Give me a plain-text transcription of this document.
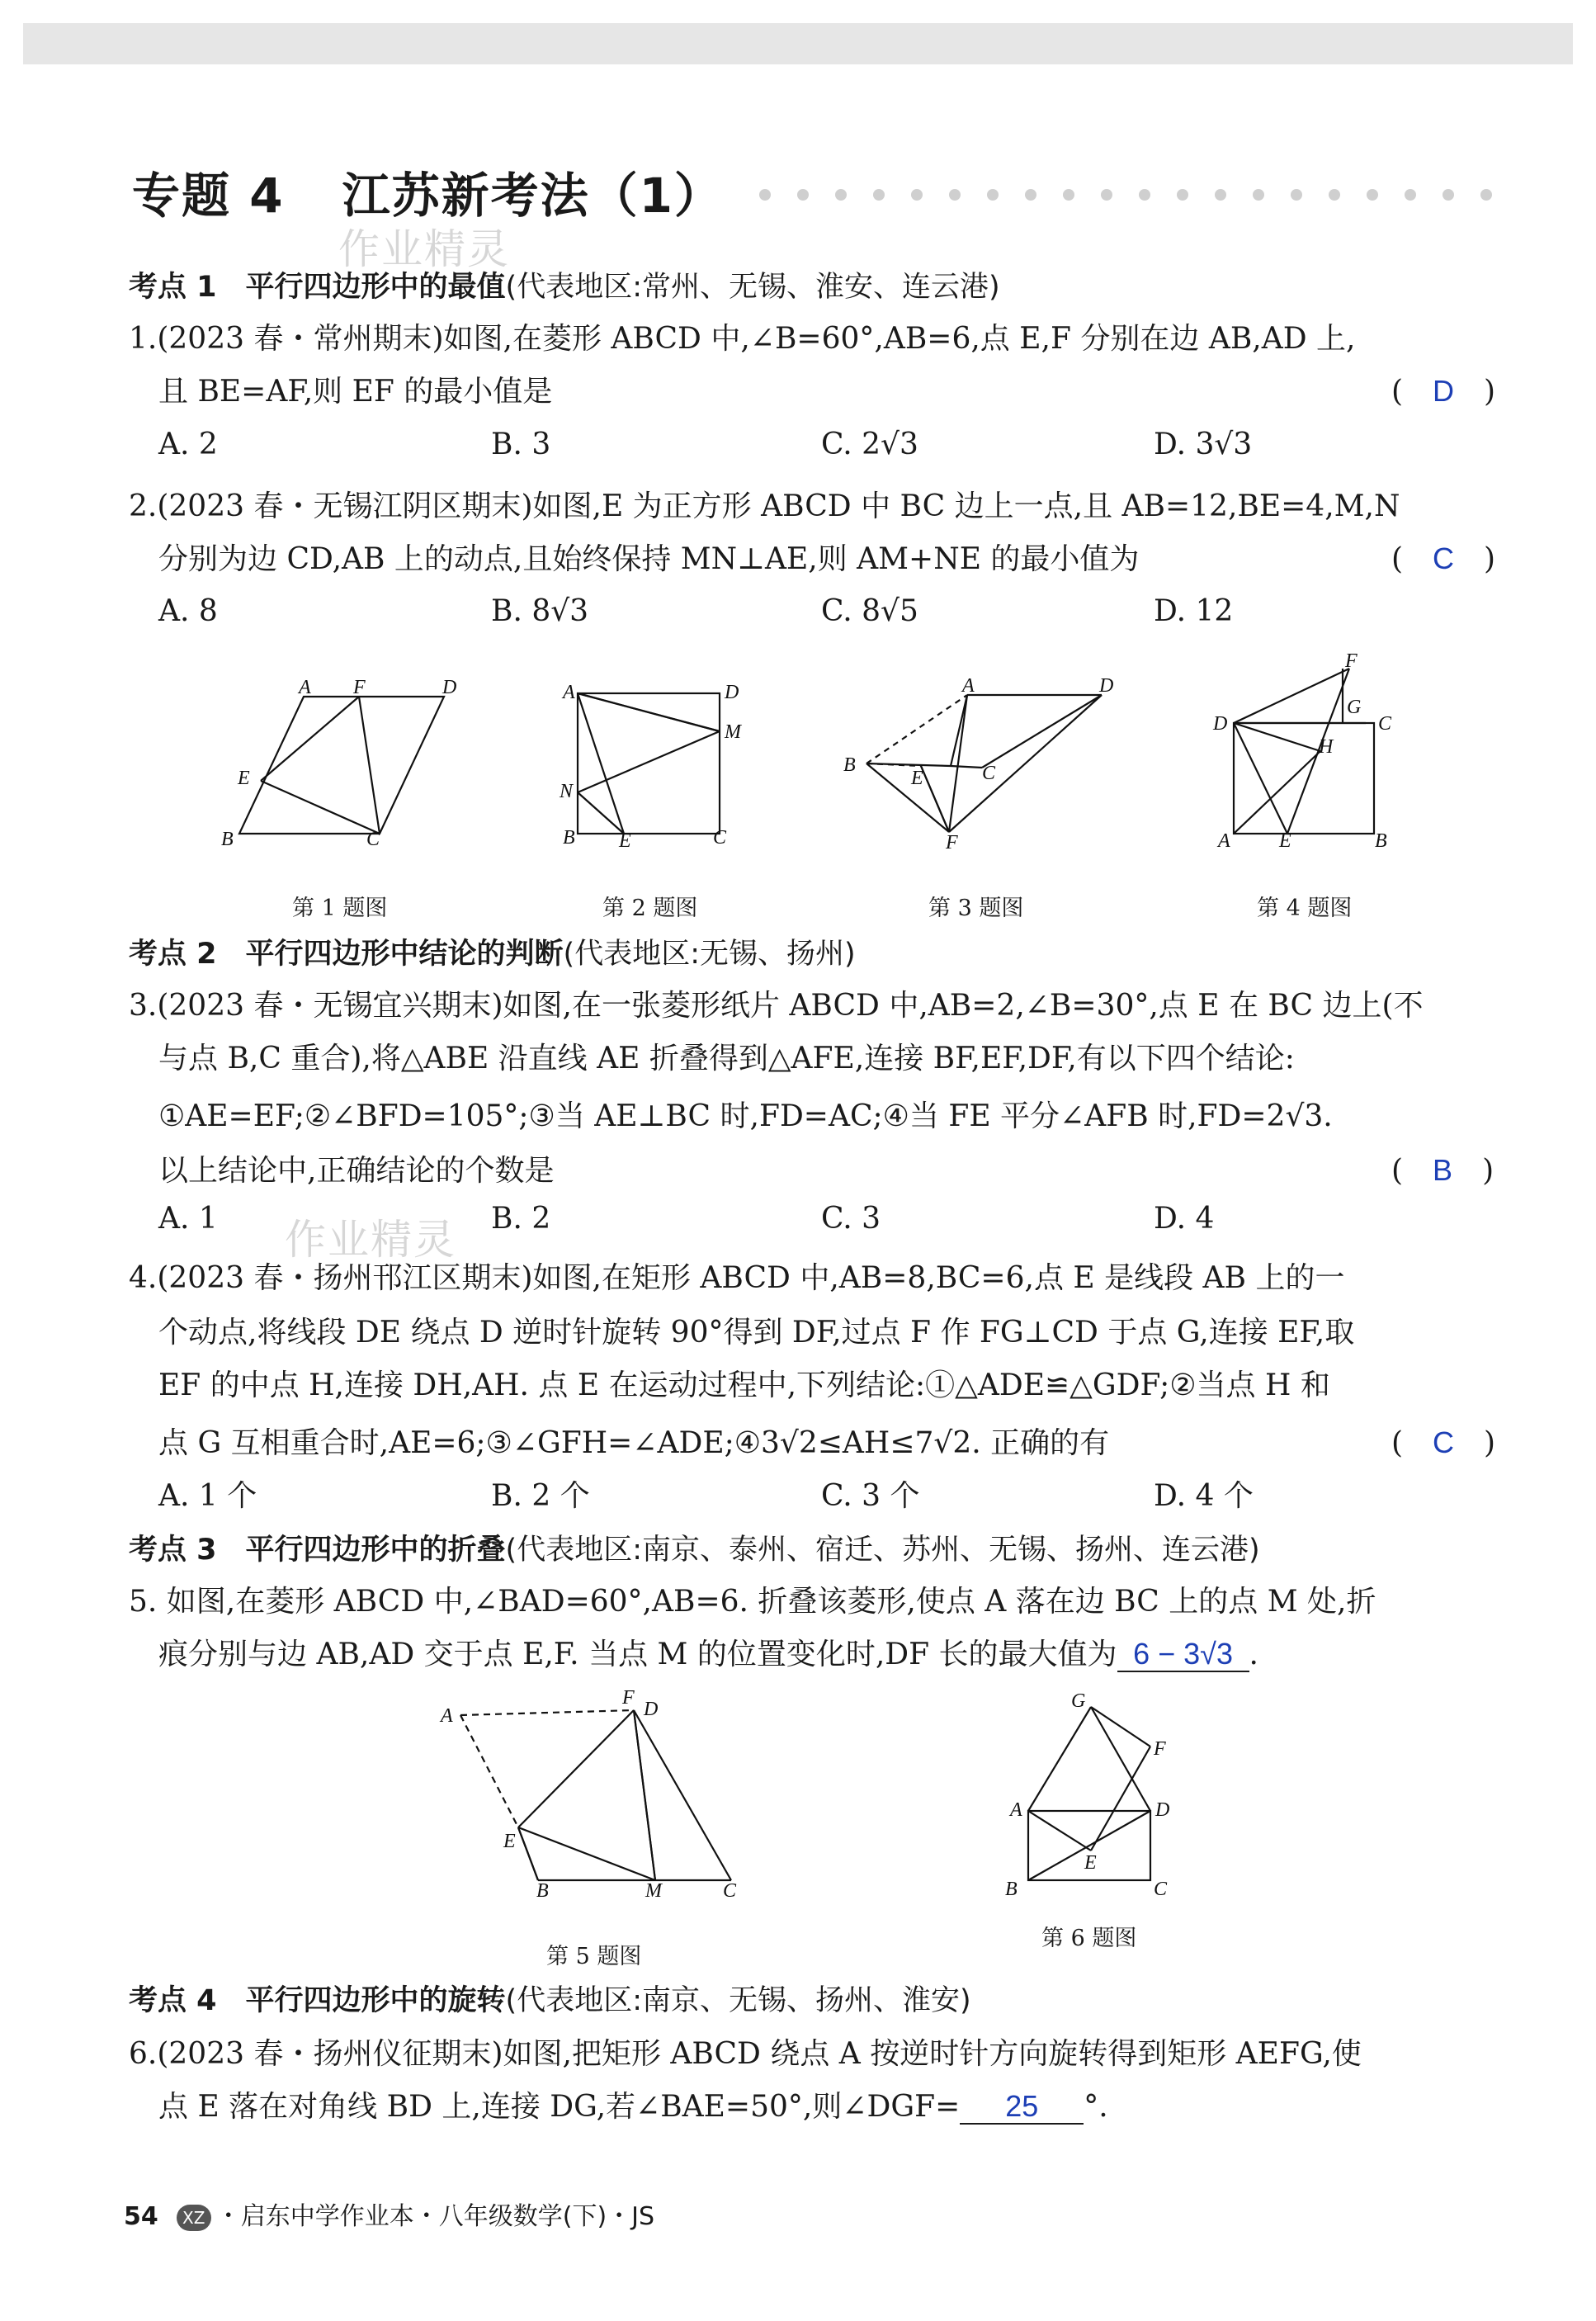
专题 4 江苏新考法（1）
作业精灵
作业精灵
考点 1　平行四边形中的最值(代表地区:常州、无锡、淮安、连云港)
1.(2023 春・常州期末)如图,在菱形 ABCD 中,∠B=60°,AB=6,点 E,F 分别在边 AB,AD 上,
且 BE=AF,则 EF 的最小值是	(　D　)
A. 2	B. 3	C. 2√3	D. 3√3
2.(2023 春・无锡江阴区期末)如图,E 为正方形 ABCD 中 BC 边上一点,且 AB=12,BE=4,M,N
分别为边 CD,AB 上的动点,且始终保持 MN⊥AE,则 AM+NE 的最小值为	(　C　)
A. 8	B. 8√3	C. 8√5	D. 12
A F	D
E
B	C
A	D
M
N
B E	C
A	D
B
E	C
F
F
G
D	C
H
A E	B
第 1 题图	第 2 题图	第 3 题图	第 4 题图
考点 2　平行四边形中结论的判断(代表地区:无锡、扬州)
3.(2023 春・无锡宜兴期末)如图,在一张菱形纸片 ABCD 中,AB=2,∠B=30°,点 E 在 BC 边上(不
与点 B,C 重合),将△ABE 沿直线 AE 折叠得到△AFE,连接 BF,EF,DF,有以下四个结论:
①AE=EF;②∠BFD=105°;③当 AE⊥BC 时,FD=AC;④当 FE 平分∠AFB 时,FD=2√3.
以上结论中,正确结论的个数是	(　B　)
A. 1	B. 2	C. 3	D. 4
4.(2023 春・扬州邗江区期末)如图,在矩形 ABCD 中,AB=8,BC=6,点 E 是线段 AB 上的一
个动点,将线段 DE 绕点 D 逆时针旋转 90°得到 DF,过点 F 作 FG⊥CD 于点 G,连接 EF,取
EF 的中点 H,连接 DH,AH. 点 E 在运动过程中,下列结论:①△ADE≌△GDF;②当点 H 和
点 G 互相重合时,AE=6;③∠GFH=∠ADE;④3√2≤AH≤7√2. 正确的有	(　C　)
A. 1 个	B. 2 个	C. 3 个	D. 4 个
考点 3　平行四边形中的折叠(代表地区:南京、泰州、宿迁、苏州、无锡、扬州、连云港)
5. 如图,在菱形 ABCD 中,∠BAD=60°,AB=6. 折叠该菱形,使点 A 落在边 BC 上的点 M 处,折
痕分别与边 AB,AD 交于点 E,F. 当点 M 的位置变化时,DF 长的最大值为 6 − 3√3 .
A
F
D
E
B	M	C
G
F
A	D
E
B	C
第 5 题图
第 6 题图
考点 4　平行四边形中的旋转(代表地区:南京、无锡、扬州、淮安)
6.(2023 春・扬州仪征期末)如图,把矩形 ABCD 绕点 A 按逆时针方向旋转得到矩形 AEFG,使
点 E 落在对角线 BD 上,连接 DG,若∠BAE=50°,则∠DGF= 25 °.
54 XZ ・启东中学作业本・八年级数学(下)・JS
